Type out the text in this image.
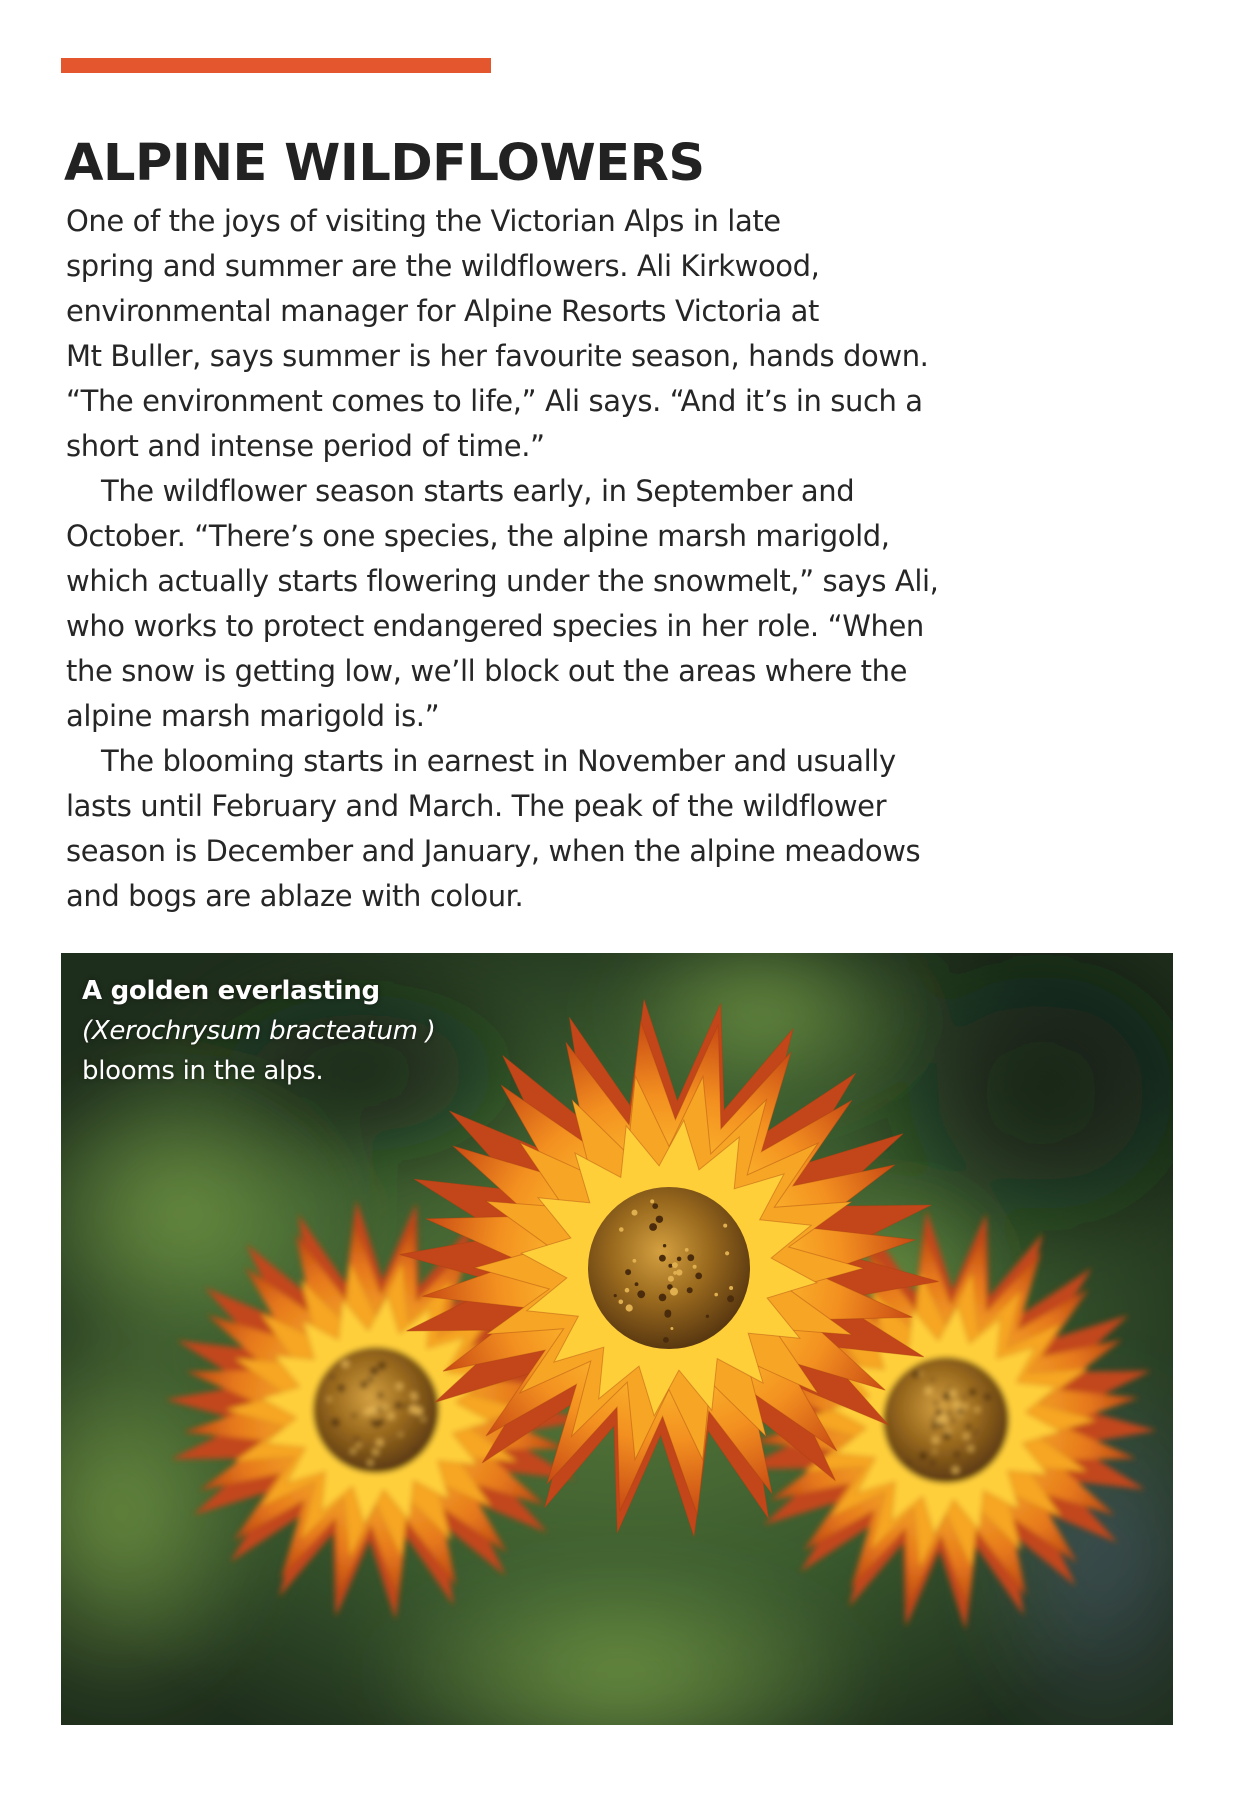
ALPINE WILDFLOWERS

One of the joys of visiting the Victorian Alps in late
spring and summer are the wildflowers. Ali Kirkwood,
environmental manager for Alpine Resorts Victoria at
Mt Buller, says summer is her favourite season, hands down.
“The environment comes to life,” Ali says. “And it’s in such a
short and intense period of time.”

The wildflower season starts early, in September and
October. “There’s one species, the alpine marsh marigold,
which actually starts flowering under the snowmelt,” says Ali,
who works to protect endangered species in her role. “When
the snow is getting low, we’ll block out the areas where the
alpine marsh marigold is.”

The blooming starts in earnest in November and usually
lasts until February and March. The peak of the wildflower
season is December and January, when the alpine meadows
and bogs are ablaze with colour.

A golden everlasting
(Xerochrysum bracteatum )
blooms in the alps.
